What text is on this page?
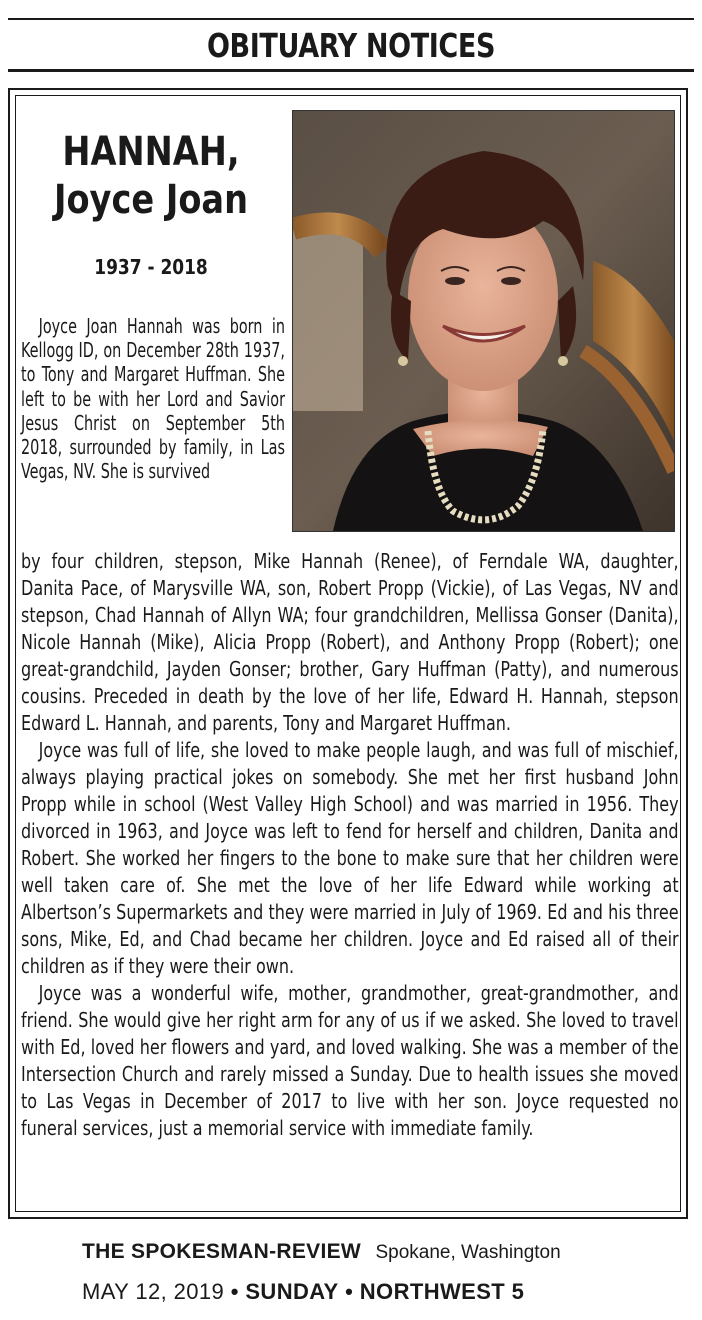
OBITUARY NOTICES
HANNAH,
Joyce Joan
1937 - 2018
Joyce Joan Hannah was born in Kellogg ID, on December 28th 1937, to Tony and Margaret Huffman. She left to be with her Lord and Savior Jesus Christ on September 5th 2018, surrounded by family, in Las Vegas, NV. She is survived

by four children, stepson, Mike Hannah (Renee), of Ferndale WA, daughter, Danita Pace, of Marysville WA, son, Robert Propp (Vickie), of Las Vegas, NV and stepson, Chad Hannah of Allyn WA; four grandchildren, Mellissa Gonser (Danita), Nicole Hannah (Mike), Alicia Propp (Robert), and Anthony Propp (Robert); one great-grandchild, Jayden Gonser; brother, Gary Huffman (Patty), and numerous cousins. Preceded in death by the love of her life, Edward H. Hannah, stepson Edward L. Hannah, and parents, Tony and Margaret Huffman.

Joyce was full of life, she loved to make people laugh, and was full of mischief, always playing practical jokes on somebody. She met her first husband John Propp while in school (West Valley High School) and was married in 1956. They divorced in 1963, and Joyce was left to fend for herself and children, Danita and Robert. She worked her fingers to the bone to make sure that her children were well taken care of. She met the love of her life Edward while working at Albertson’s Supermarkets and they were married in July of 1969. Ed and his three sons, Mike, Ed, and Chad became her children. Joyce and Ed raised all of their children as if they were their own.

Joyce was a wonderful wife, mother, grandmother, great-grandmother, and friend. She would give her right arm for any of us if we asked. She loved to travel with Ed, loved her flowers and yard, and loved walking. She was a member of the Intersection Church and rarely missed a Sunday. Due to health issues she moved to Las Vegas in December of 2017 to live with her son. Joyce requested no funeral services, just a memorial service with immediate family.

THE SPOKESMAN-REVIEW Spokane, Washington
MAY 12, 2019 • SUNDAY • NORTHWEST 5
